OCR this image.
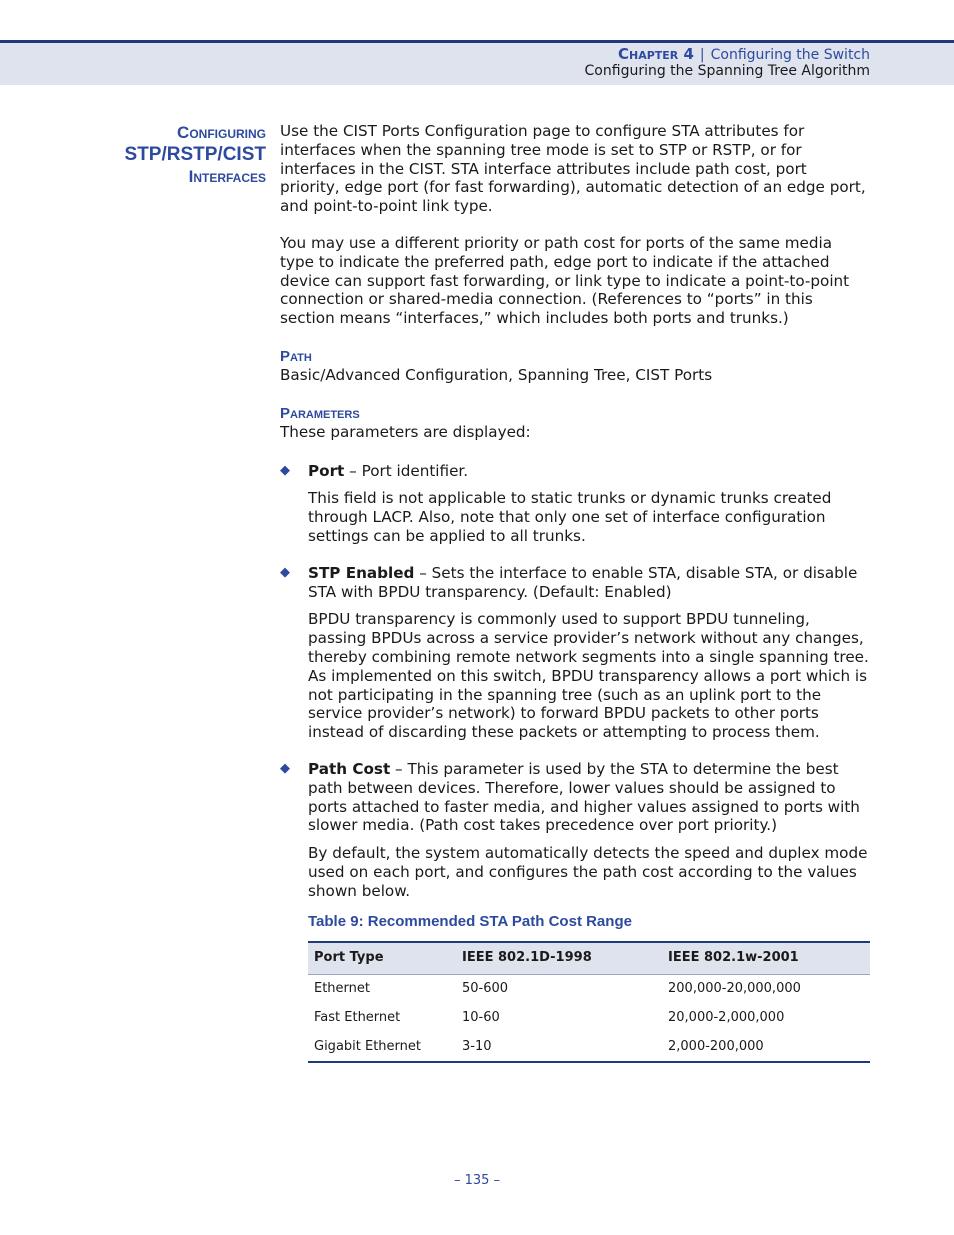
Chapter 4 | Configuring the Switch
Configuring the Spanning Tree Algorithm
Configuring
STP/RSTP/CIST
Interfaces

Use the CIST Ports Configuration page to configure STA attributes for interfaces when the spanning tree mode is set to STP or RSTP, or for interfaces in the CIST. STA interface attributes include path cost, port priority, edge port (for fast forwarding), automatic detection of an edge port, and point-to-point link type.

You may use a different priority or path cost for ports of the same media type to indicate the preferred path, edge port to indicate if the attached device can support fast forwarding, or link type to indicate a point-to-point connection or shared-media connection. (References to “ports” in this section means “interfaces,” which includes both ports and trunks.)

Path

Basic/Advanced Configuration, Spanning Tree, CIST Ports

Parameters

These parameters are displayed:

◆ Port – Port identifier.

This field is not applicable to static trunks or dynamic trunks created through LACP. Also, note that only one set of interface configuration settings can be applied to all trunks.

◆ STP Enabled – Sets the interface to enable STA, disable STA, or disable STA with BPDU transparency. (Default: Enabled)

BPDU transparency is commonly used to support BPDU tunneling, passing BPDUs across a service provider’s network without any changes, thereby combining remote network segments into a single spanning tree. As implemented on this switch, BPDU transparency allows a port which is not participating in the spanning tree (such as an uplink port to the service provider’s network) to forward BPDU packets to other ports instead of discarding these packets or attempting to process them.

◆ Path Cost – This parameter is used by the STA to determine the best path between devices. Therefore, lower values should be assigned to ports attached to faster media, and higher values assigned to ports with slower media. (Path cost takes precedence over port priority.)

By default, the system automatically detects the speed and duplex mode used on each port, and configures the path cost according to the values shown below.

Table 9: Recommended STA Path Cost Range
Port Type	IEEE 802.1D-1998	IEEE 802.1w-2001
Ethernet	50-600	200,000-20,000,000
Fast Ethernet	10-60	20,000-2,000,000
Gigabit Ethernet	3-10	2,000-200,000
– 135 –
